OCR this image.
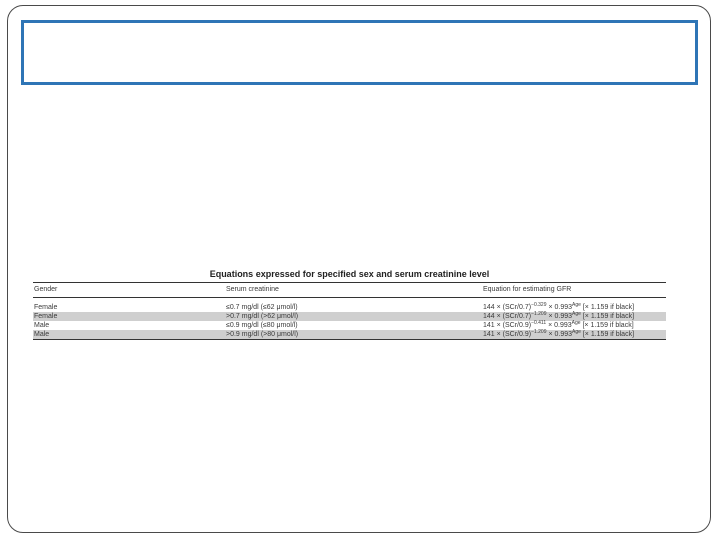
Equations expressed for specified sex and serum creatinine level
Gender	Serum creatinine	Equation for estimating GFR
Female	≤0.7 mg/dl (≤62 μmol/l)	$144 \times (SCr/0.7)^{-0.329} \times 0.993^{Age}$ [× 1.159 if black]
Female	>0.7 mg/dl (>62 μmol/l)	$144 \times (SCr/0.7)^{-1.209} \times 0.993^{Age}$ [× 1.159 if black]
Male	≤0.9 mg/dl (≤80 μmol/l)	$141 \times (SCr/0.9)^{-0.411} \times 0.993^{Age}$ [× 1.159 if black]
Male	>0.9 mg/dl (>80 μmol/l)	$141 \times (SCr/0.9)^{-1.209} \times 0.993^{Age}$ [× 1.159 if black]
